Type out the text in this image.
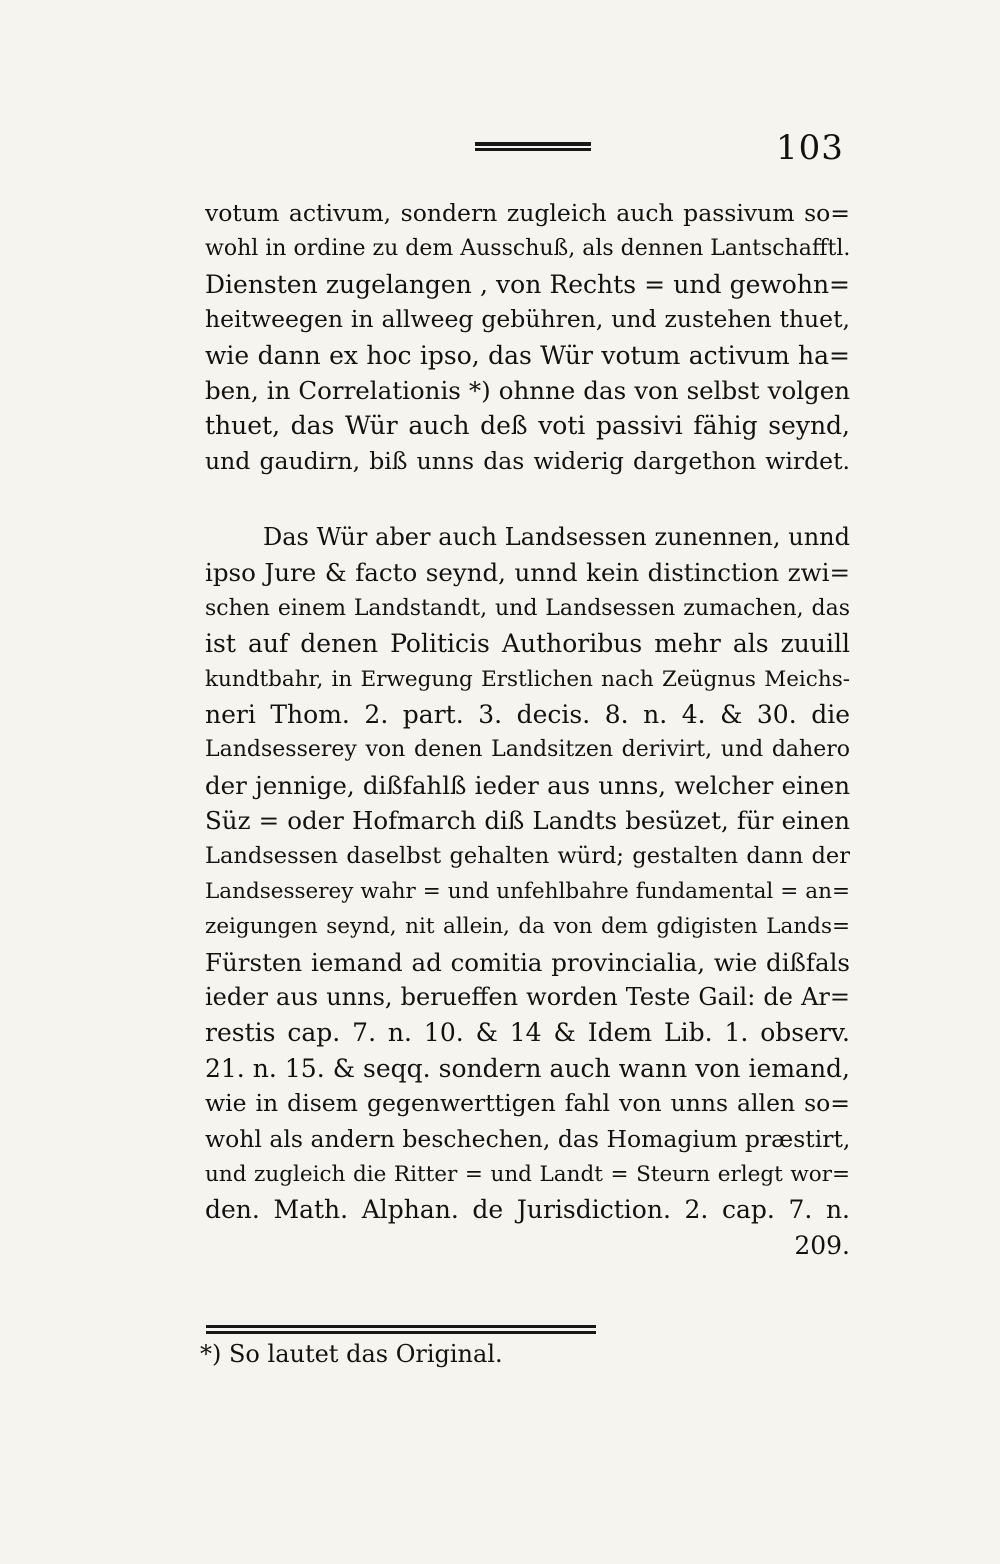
103
votum activum, sondern zugleich auch passivum so=
wohl in ordine zu dem Ausschuß, als dennen Lantschafftl.
Diensten zugelangen , von Rechts = und gewohn=
heitweegen in allweeg gebühren, und zustehen thuet,
wie dann ex hoc ipso, das Wür votum activum ha=
ben, in Correlationis *) ohnne das von selbst volgen
thuet, das Wür auch deß voti passivi fähig seynd,
und gaudirn, biß unns das widerig dargethon wirdet.
Das Wür aber auch Landsessen zunennen, unnd
ipso Jure & facto seynd, unnd kein distinction zwi=
schen einem Landstandt, und Landsessen zumachen, das
ist auf denen Politicis Authoribus mehr als zuuill
kundtbahr, in Erwegung Erstlichen nach Zeügnus Meichs-
neri Thom. 2. part. 3. decis. 8. n. 4. & 30. die
Landsesserey von denen Landsitzen derivirt, und dahero
der jennige, dißfahlß ieder aus unns, welcher einen
Süz = oder Hofmarch diß Landts besüzet, für einen
Landsessen daselbst gehalten würd; gestalten dann der
Landsesserey wahr = und unfehlbahre fundamental = an=
zeigungen seynd, nit allein, da von dem gdigisten Lands=
Fürsten iemand ad comitia provincialia, wie dißfals
ieder aus unns, berueffen worden Teste Gail: de Ar=
restis cap. 7. n. 10. & 14 & Idem Lib. 1. observ.
21. n. 15. & seqq. sondern auch wann von iemand,
wie in disem gegenwerttigen fahl von unns allen so=
wohl als andern beschechen, das Homagium præstirt,
und zugleich die Ritter = und Landt = Steurn erlegt wor=
den. Math. Alphan. de Jurisdiction. 2. cap. 7. n.
209.
*) So lautet das Original.
